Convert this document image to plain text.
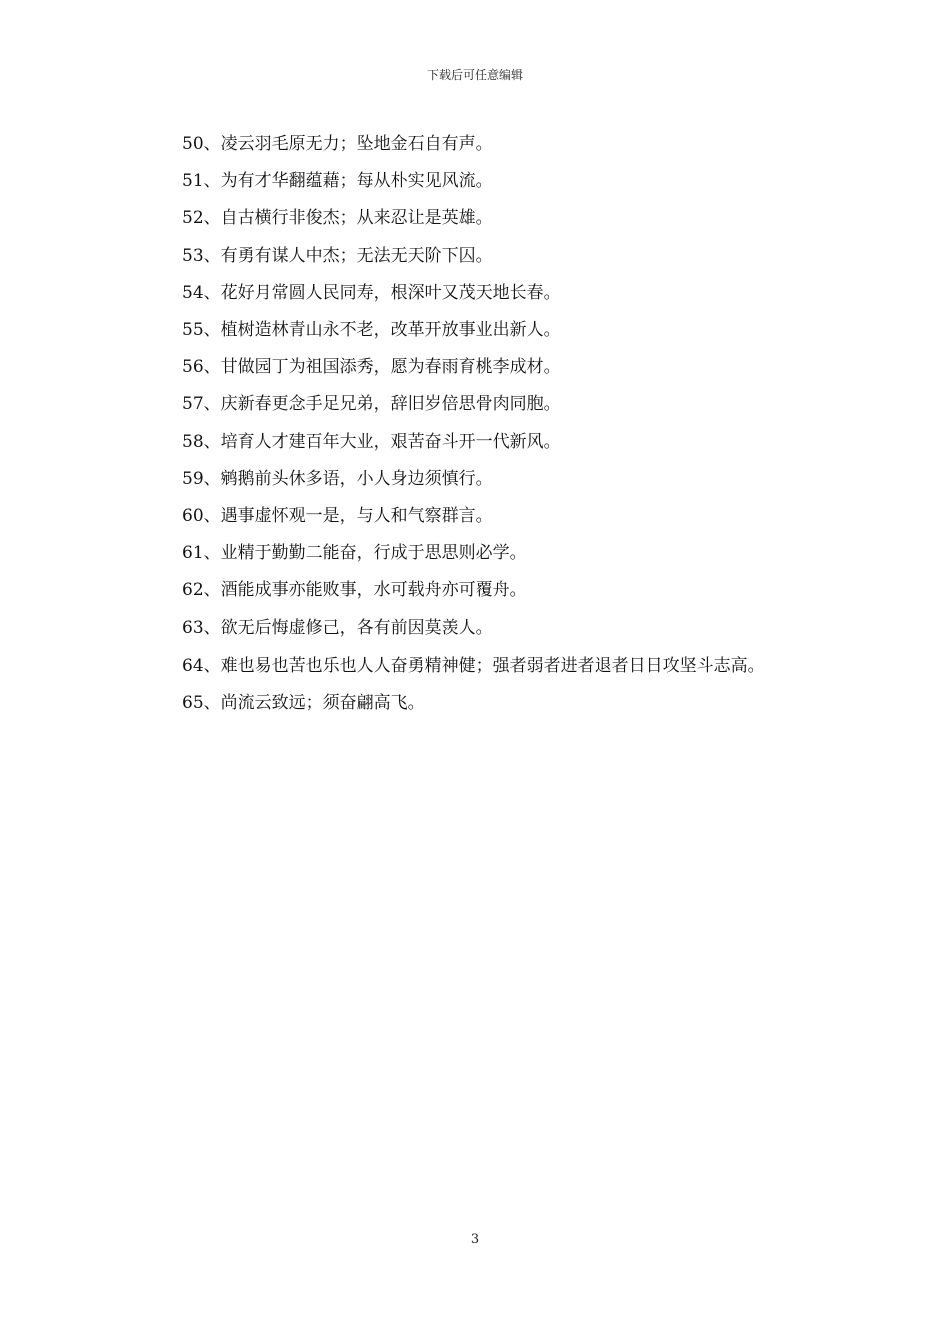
下载后可任意编辑
50、凌云羽毛原无力；坠地金石自有声。
51、为有才华翻蕴藉；每从朴实见风流。
52、自古横行非俊杰；从来忍让是英雄。
53、有勇有谋人中杰；无法无天阶下囚。
54、花好月常圆人民同寿，根深叶又茂天地长春。
55、植树造林青山永不老，改革开放事业出新人。
56、甘做园丁为祖国添秀，愿为春雨育桃李成材。
57、庆新春更念手足兄弟，辞旧岁倍思骨肉同胞。
58、培育人才建百年大业，艰苦奋斗开一代新风。
59、鹓鹅前头休多语，小人身边须慎行。
60、遇事虚怀观一是，与人和气察群言。
61、业精于勤勤二能奋，行成于思思则必学。
62、酒能成事亦能败事，水可载舟亦可覆舟。
63、欲无后悔虚修己，各有前因莫羡人。
64、难也易也苦也乐也人人奋勇精神健；强者弱者进者退者日日攻坚斗志高。
65、尚流云致远；须奋翩高飞。
3
